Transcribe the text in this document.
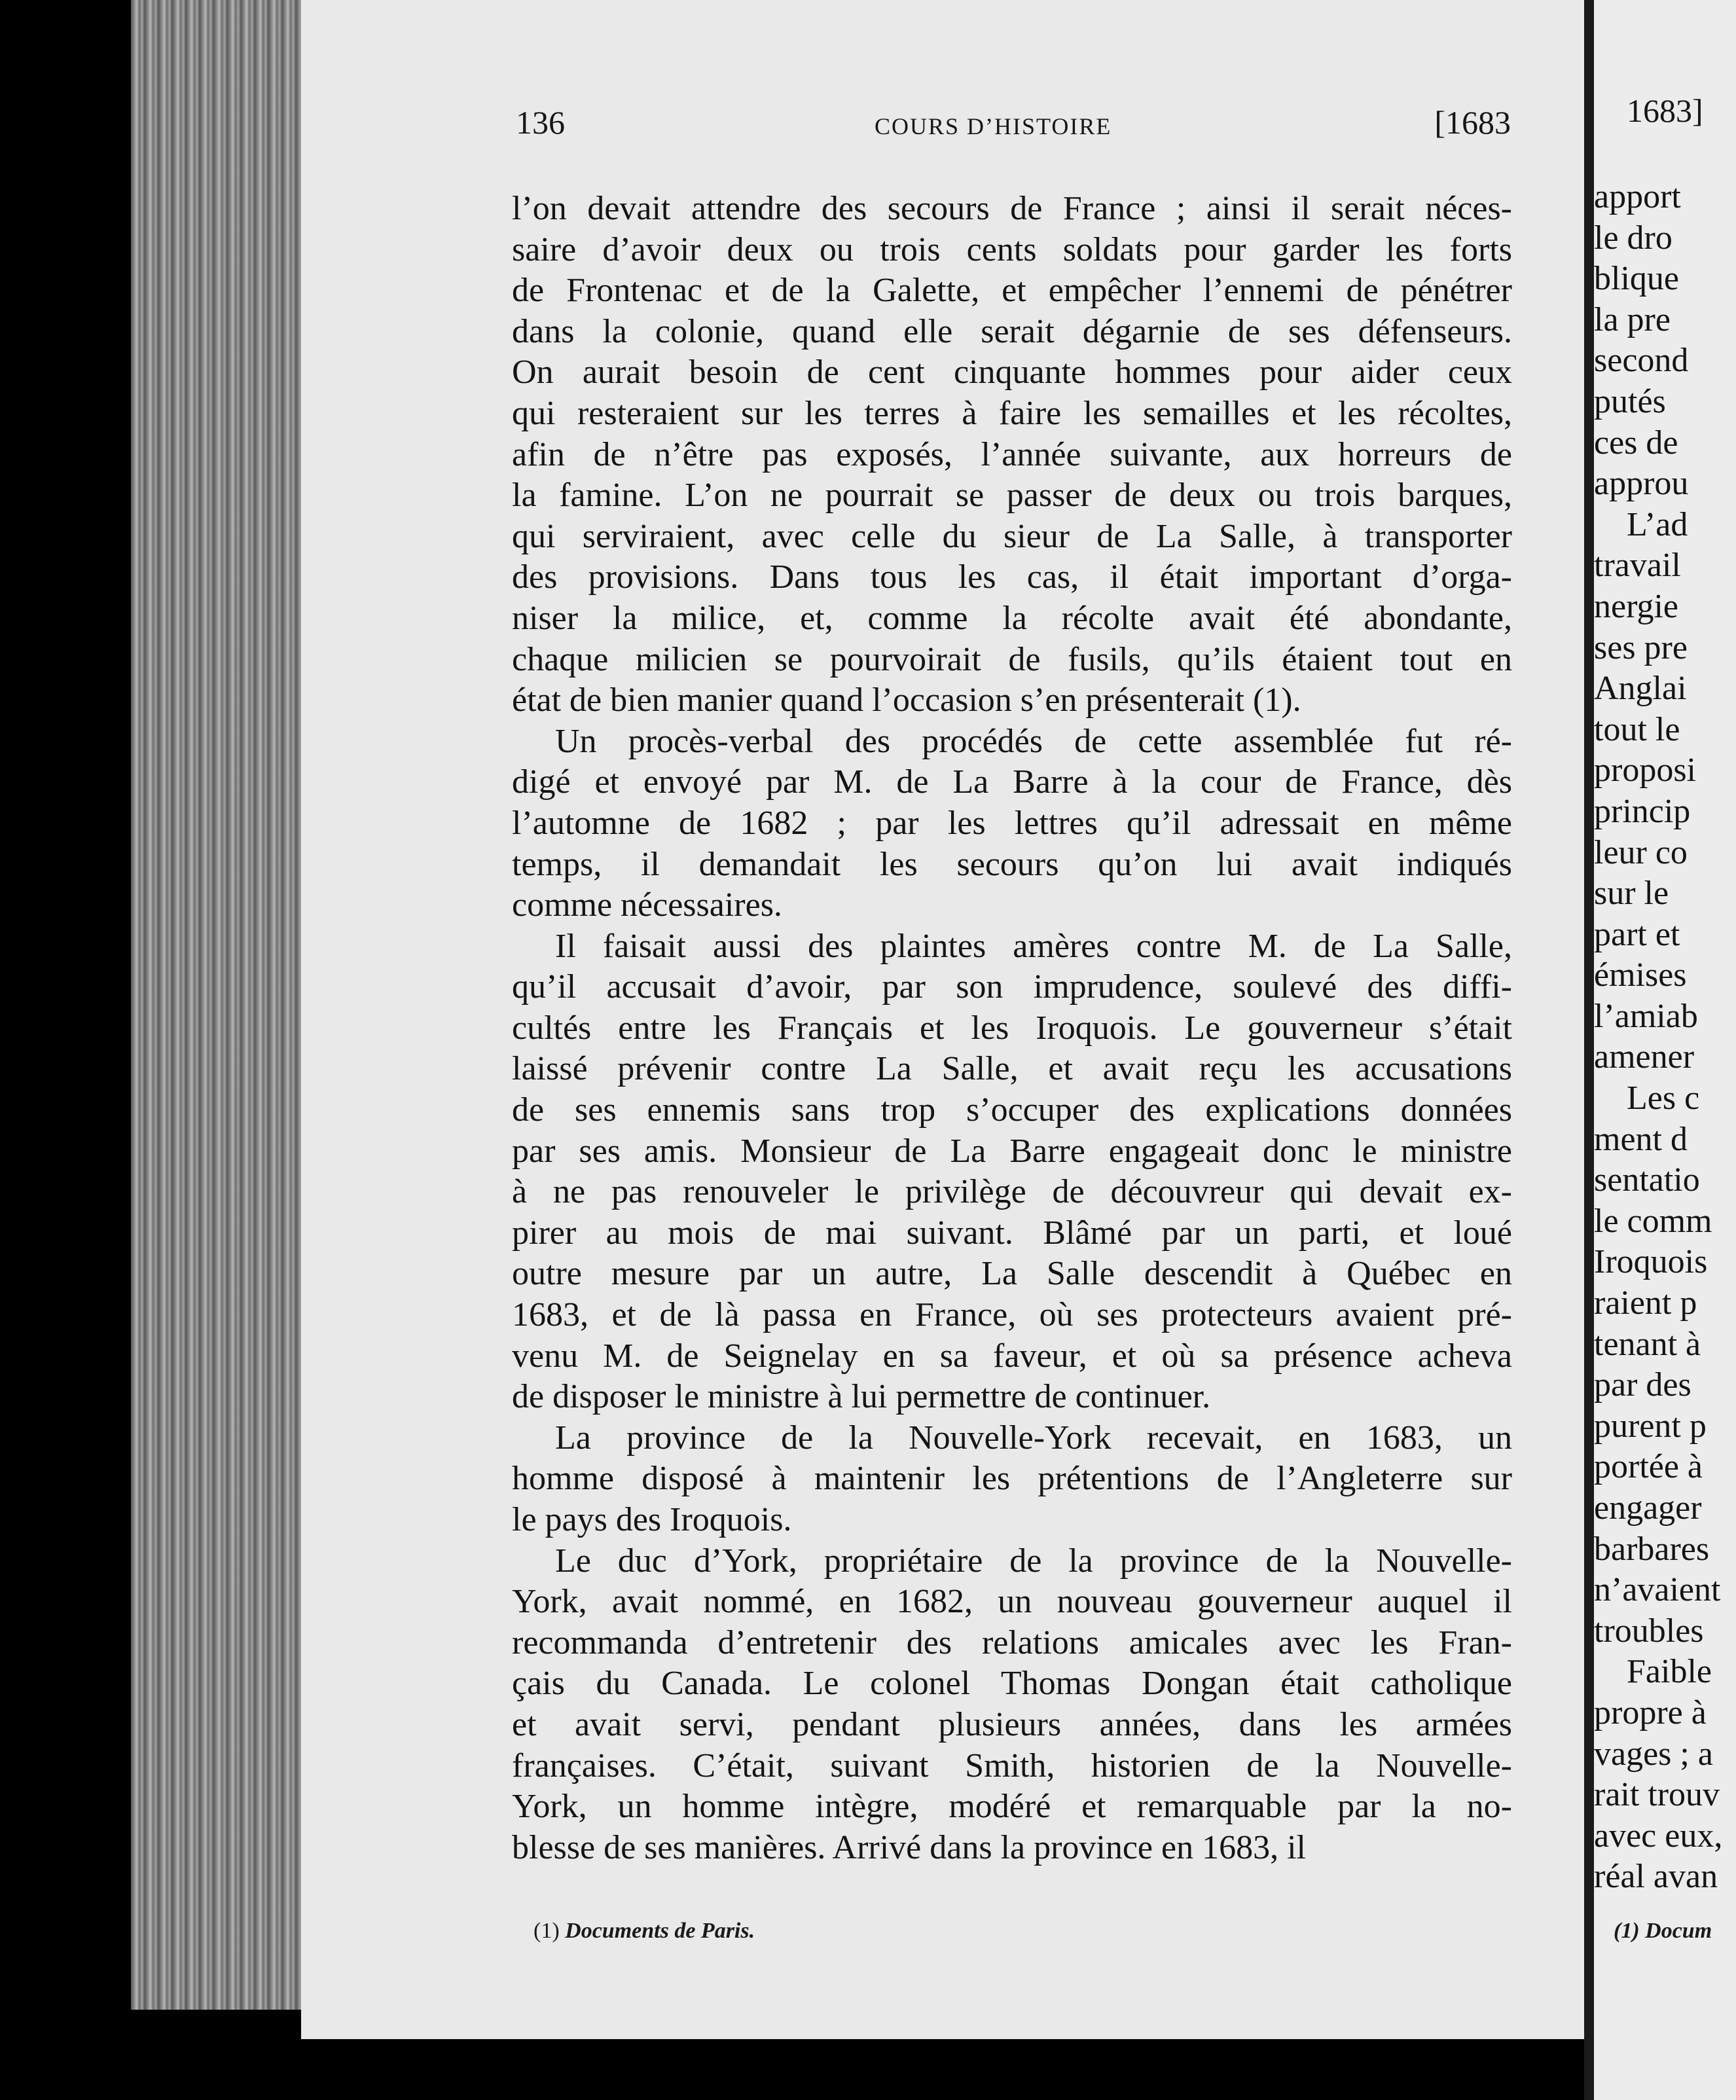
136	COURS D’HISTOIRE	[1683
l’on devait attendre des secours de France ; ainsi il serait néces-
saire d’avoir deux ou trois cents soldats pour garder les forts
de Frontenac et de la Galette, et empêcher l’ennemi de pénétrer
dans la colonie, quand elle serait dégarnie de ses défenseurs.
On aurait besoin de cent cinquante hommes pour aider ceux
qui resteraient sur les terres à faire les semailles et les récoltes,
afin de n’être pas exposés, l’année suivante, aux horreurs de
la famine. L’on ne pourrait se passer de deux ou trois barques,
qui serviraient, avec celle du sieur de La Salle, à transporter
des provisions. Dans tous les cas, il était important d’orga-
niser la milice, et, comme la récolte avait été abondante,
chaque milicien se pourvoirait de fusils, qu’ils étaient tout en
état de bien manier quand l’occasion s’en présenterait (1).
Un procès-verbal des procédés de cette assemblée fut ré-
digé et envoyé par M. de La Barre à la cour de France, dès
l’automne de 1682 ; par les lettres qu’il adressait en même
temps, il demandait les secours qu’on lui avait indiqués
comme nécessaires.
Il faisait aussi des plaintes amères contre M. de La Salle,
qu’il accusait d’avoir, par son imprudence, soulevé des diffi-
cultés entre les Français et les Iroquois. Le gouverneur s’était
laissé prévenir contre La Salle, et avait reçu les accusations
de ses ennemis sans trop s’occuper des explications données
par ses amis. Monsieur de La Barre engageait donc le ministre
à ne pas renouveler le privilège de découvreur qui devait ex-
pirer au mois de mai suivant. Blâmé par un parti, et loué
outre mesure par un autre, La Salle descendit à Québec en
1683, et de là passa en France, où ses protecteurs avaient pré-
venu M. de Seignelay en sa faveur, et où sa présence acheva
de disposer le ministre à lui permettre de continuer.
La province de la Nouvelle-York recevait, en 1683, un
homme disposé à maintenir les prétentions de l’Angleterre sur
le pays des Iroquois.
Le duc d’York, propriétaire de la province de la Nouvelle-
York, avait nommé, en 1682, un nouveau gouverneur auquel il
recommanda d’entretenir des relations amicales avec les Fran-
çais du Canada. Le colonel Thomas Dongan était catholique
et avait servi, pendant plusieurs années, dans les armées
françaises. C’était, suivant Smith, historien de la Nouvelle-
York, un homme intègre, modéré et remarquable par la no-
blesse de ses manières. Arrivé dans la province en 1683, il
(1) Documents de Paris.
1683]
apport
le dro
blique
la pre
second
putés
ces de
approu
L’ad
travail
nergie
ses pre
Anglai
tout le
proposi
princip
leur co
sur le
part et
émises
l’amiab
amener
Les c
ment d
sentatio
le comm
Iroquois
raient p
tenant à
par des
purent p
portée à
engager
barbares
n’avaient
troubles
Faible
propre à
vages ; a
rait trouv
avec eux,
réal avan
(1) Docum
